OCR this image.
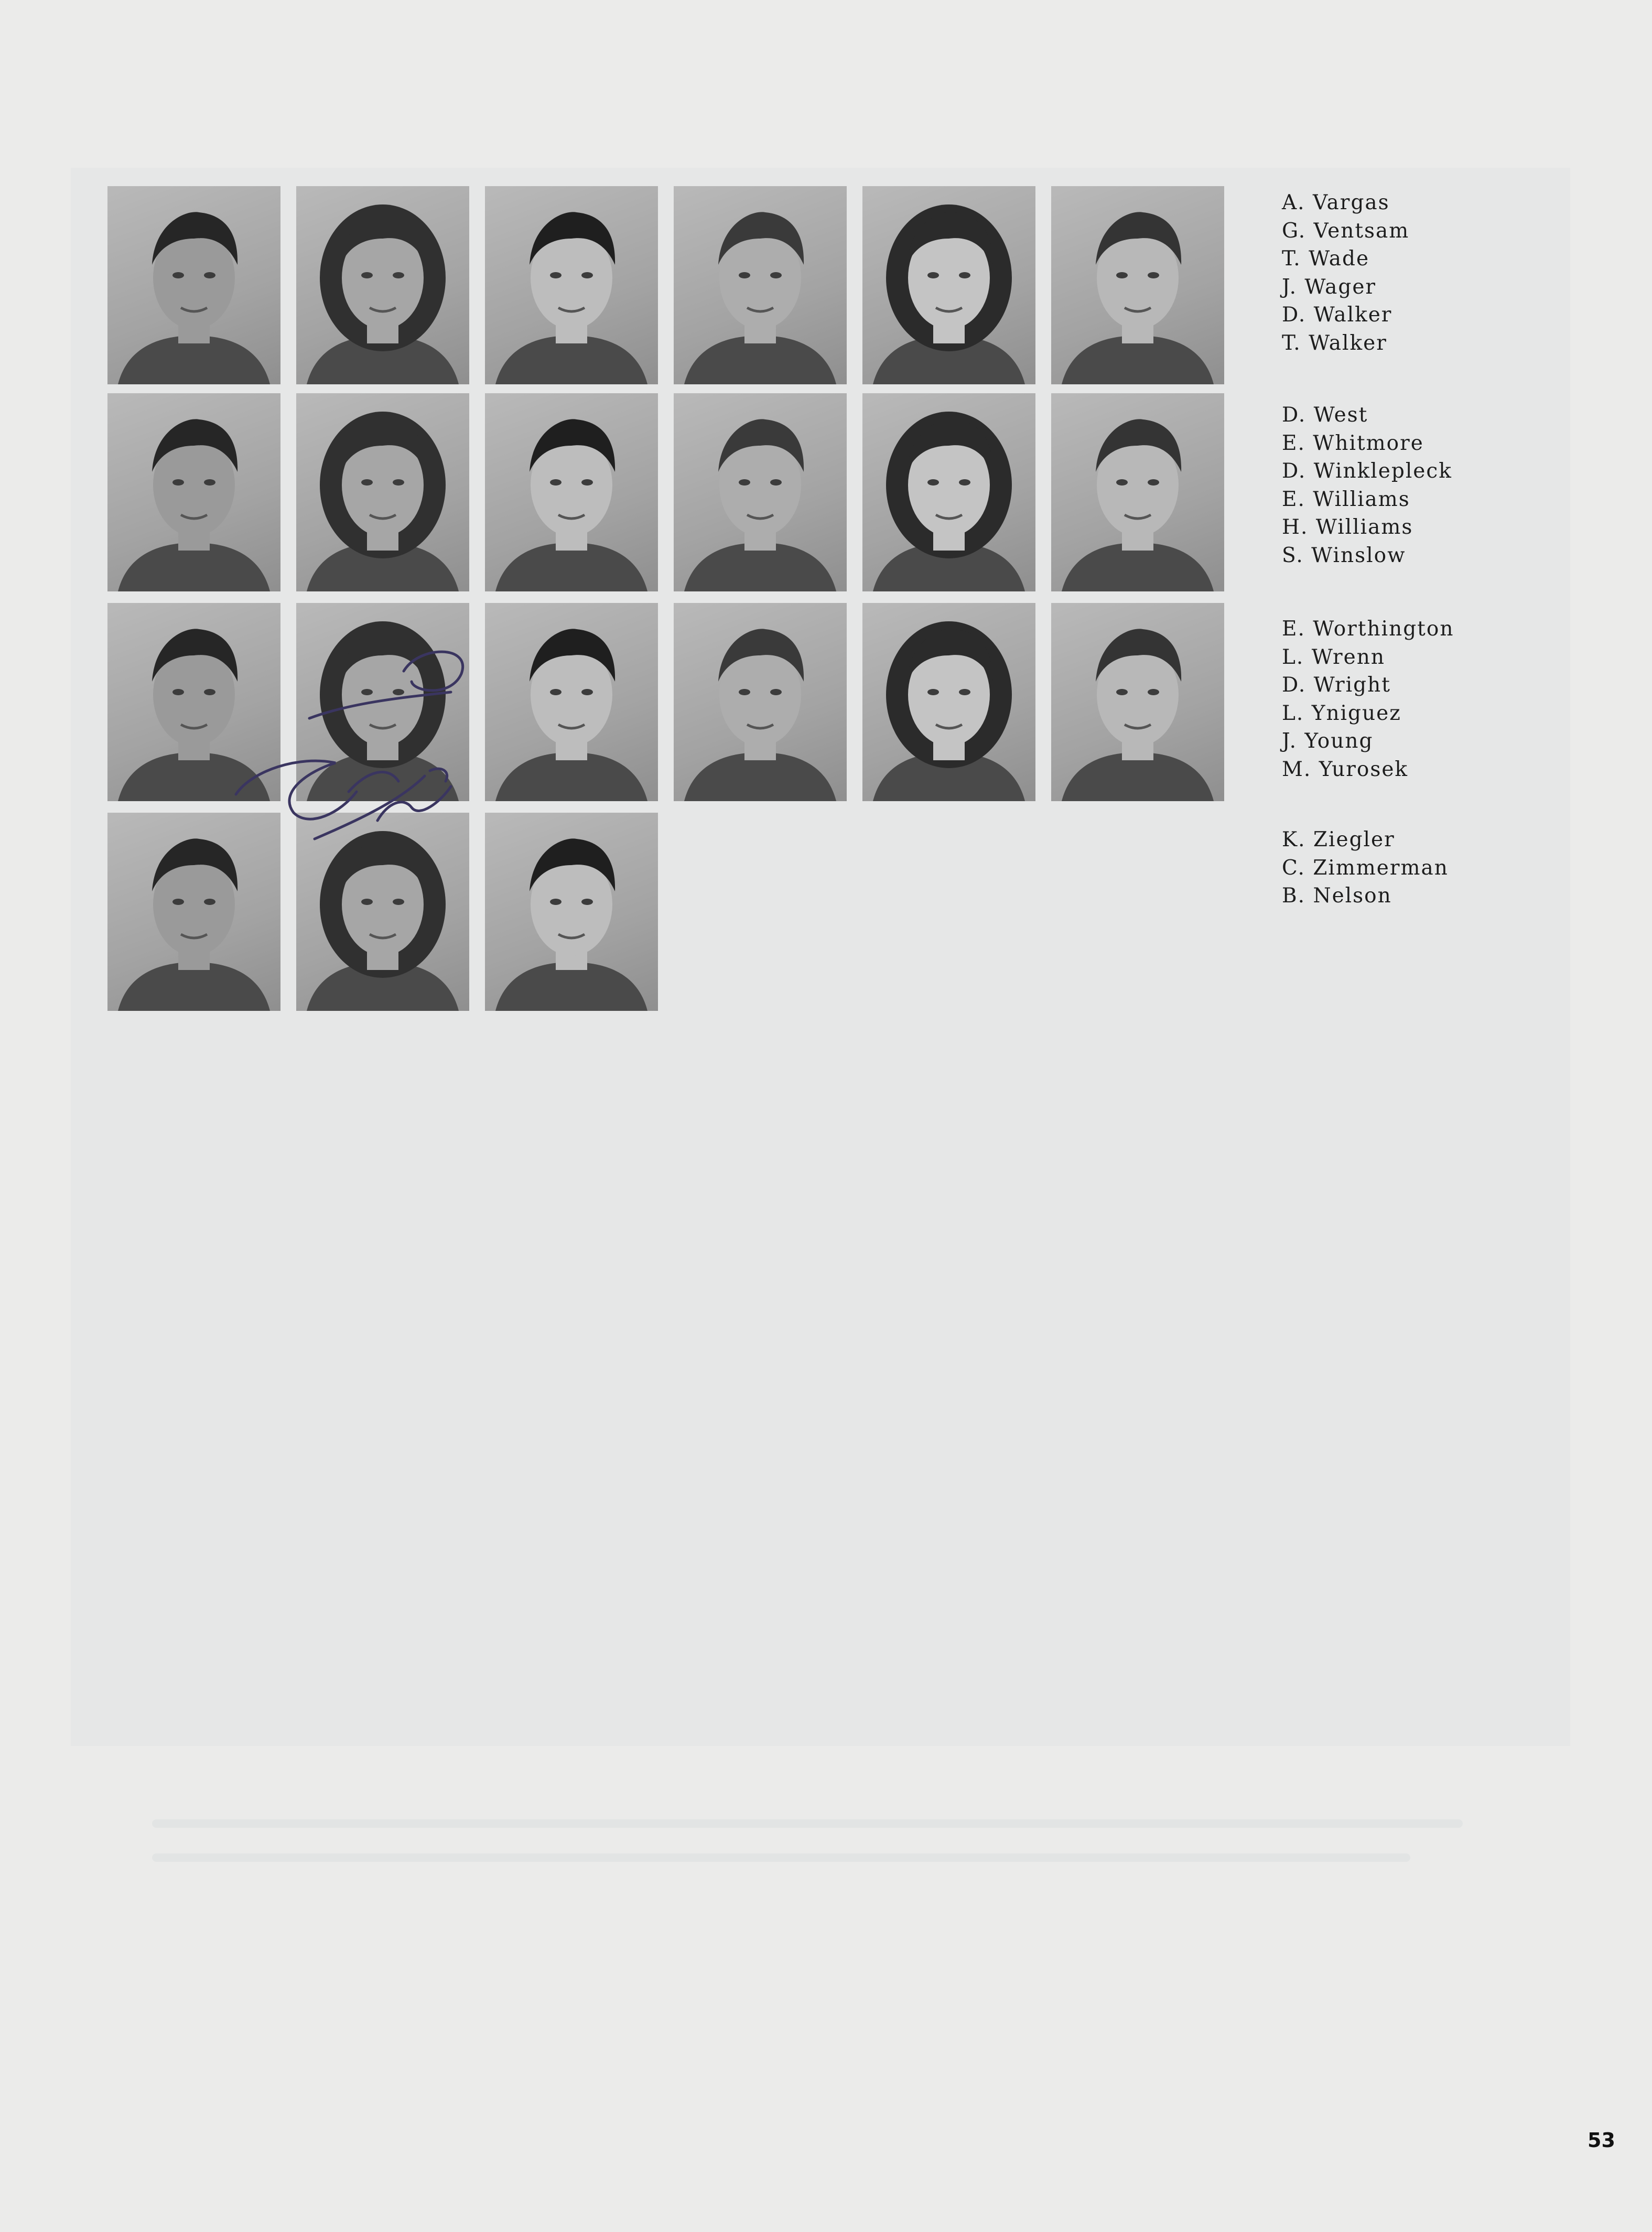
A. Vargas
G. Ventsam
T. Wade
J. Wager
D. Walker
T. Walker
D. West
E. Whitmore
D. Winklepleck
E. Williams
H. Williams
S. Winslow
E. Worthington
L. Wrenn
D. Wright
L. Yniguez
J. Young
M. Yurosek
K. Ziegler
C. Zimmerman
B. Nelson
53
